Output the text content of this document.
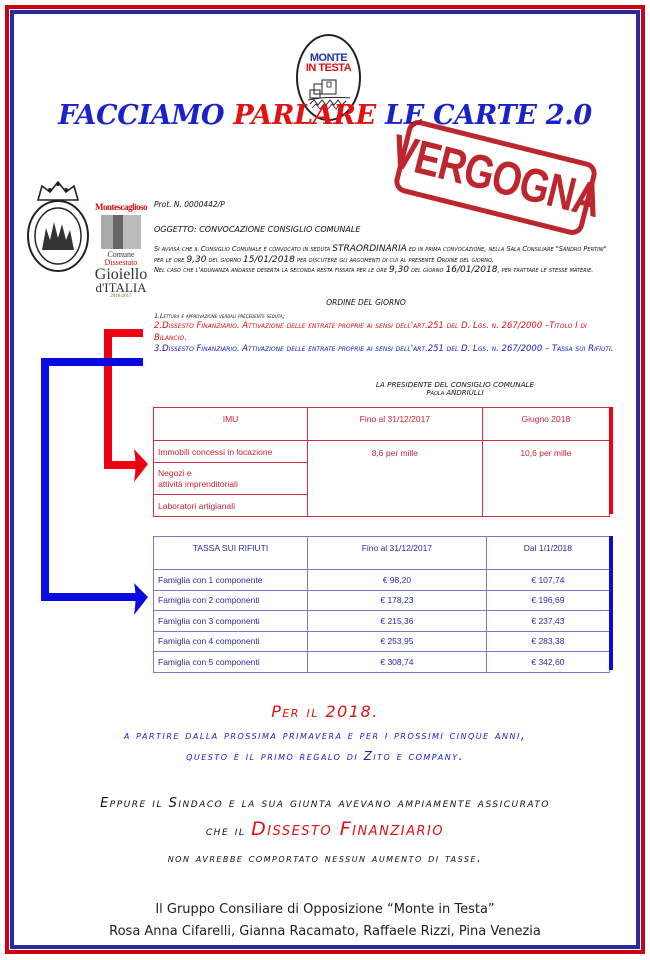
MONTE
IN TESTA
FACCIAMO PARLARE LE CARTE 2.0
Montescaglioso
Comune
Dissestato
Gioiello
d'ITALIA
2016/2017
Prot. N. 0000442/P
OGGETTO: CONVOCAZIONE CONSIGLIO COMUNALE
Si avvisa che il Consiglio Comunale è convocato in seduta STRAORDINARIA ed in prima convocazione, nella Sala Consiliare "Sandro Pertini" per le ore 9,30 del giorno 15/01/2018 per discutere gli argomenti di cui al presente Ordine del giorno.
Nel caso che l'adunanza andasse deserta la seconda resta fissata per le ore 9,30 del giorno 16/01/2018, per trattare le stesse materie.
VERGOGNA
ORDINE DEL GIORNO
1.Lettura e approvazione verbali precedente seduta;
2.Dissesto Finanziario. Attivazione delle entrate proprie ai sensi dell'art.251 del D. Lgs. n. 267/2000 –Titolo I di Bilancio.
3.Dissesto Finanziario. Attivazione delle entrate proprie ai sensi dell'art.251 del D. Lgs. n. 267/2000 – Tassa sui Rifiuti.
LA PRESIDENTE DEL CONSIGLIO COMUNALE
Paola ANDRIULLI
IMU	Fino al 31/12/2017	Giugno 2018
Immobili concessi in locazione	8,6 per mille	10,6 per mille
Negozi e
attività imprenditoriali		
Laboratori artigianali		
TASSA SUI RIFIUTI	Fino al 31/12/2017	Dal 1/1/2018
Famiglia con 1 componente	€ 98,20	€ 107,74
Famiglia con 2 componenti	€ 178,23	€ 196,69
Famiglia con 3 componenti	€ 215,36	€ 237,43
Famiglia con 4 componenti	€ 253,95	€ 283,38
Famiglia con 5 componenti	€ 308,74	€ 342,60
Per il 2018.
a partire dalla prossima primavera e per i prossimi cinque anni,
questo è il primo regalo di Zito e company.
Eppure il Sindaco e la sua giunta avevano ampiamente assicurato
che il Dissesto Finanziario
non avrebbe comportato nessun aumento di tasse.
Il Gruppo Consiliare di Opposizione “Monte in Testa”
Rosa Anna Cifarelli, Gianna Racamato, Raffaele Rizzi, Pina Venezia
